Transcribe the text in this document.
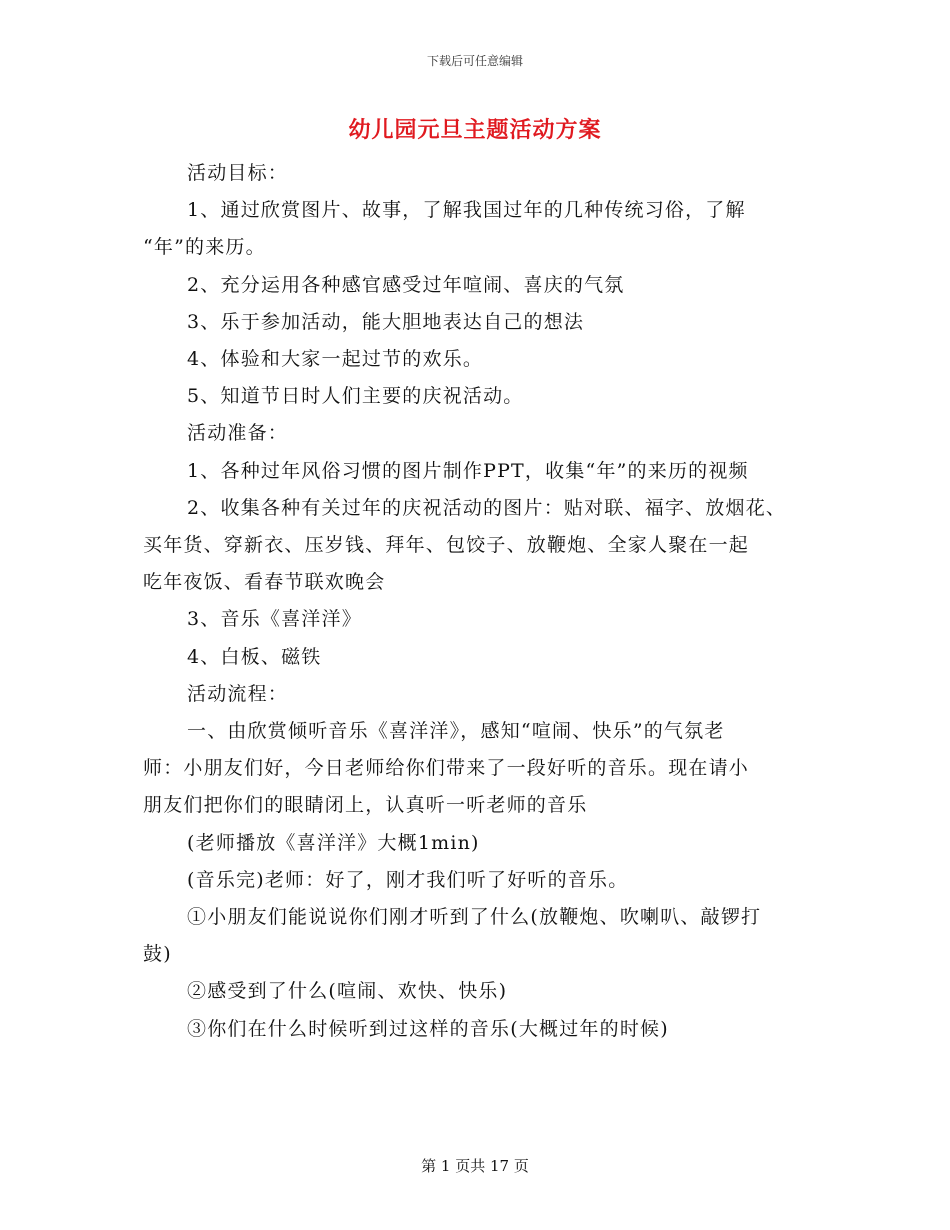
下载后可任意编辑
幼儿园元旦主题活动方案
活动目标：
1、通过欣赏图片、故事，了解我国过年的几种传统习俗，了解
“年”的来历。
2、充分运用各种感官感受过年喧闹、喜庆的气氛
3、乐于参加活动，能大胆地表达自己的想法
4、体验和大家一起过节的欢乐。
5、知道节日时人们主要的庆祝活动。
活动准备：
1、各种过年风俗习惯的图片制作PPT，收集“年”的来历的视频
2、收集各种有关过年的庆祝活动的图片：贴对联、福字、放烟花、
买年货、穿新衣、压岁钱、拜年、包饺子、放鞭炮、全家人聚在一起
吃年夜饭、看春节联欢晚会
3、音乐《喜洋洋》
4、白板、磁铁
活动流程：
一、由欣赏倾听音乐《喜洋洋》，感知“喧闹、快乐”的气氛老
师：小朋友们好，今日老师给你们带来了一段好听的音乐。现在请小
朋友们把你们的眼睛闭上，认真听一听老师的音乐
(老师播放《喜洋洋》大概1min)
(音乐完)老师：好了，刚才我们听了好听的音乐。
①小朋友们能说说你们刚才听到了什么(放鞭炮、吹喇叭、敲锣打
鼓)
②感受到了什么(喧闹、欢快、快乐)
③你们在什么时候听到过这样的音乐(大概过年的时候)
第 1 页共 17 页
